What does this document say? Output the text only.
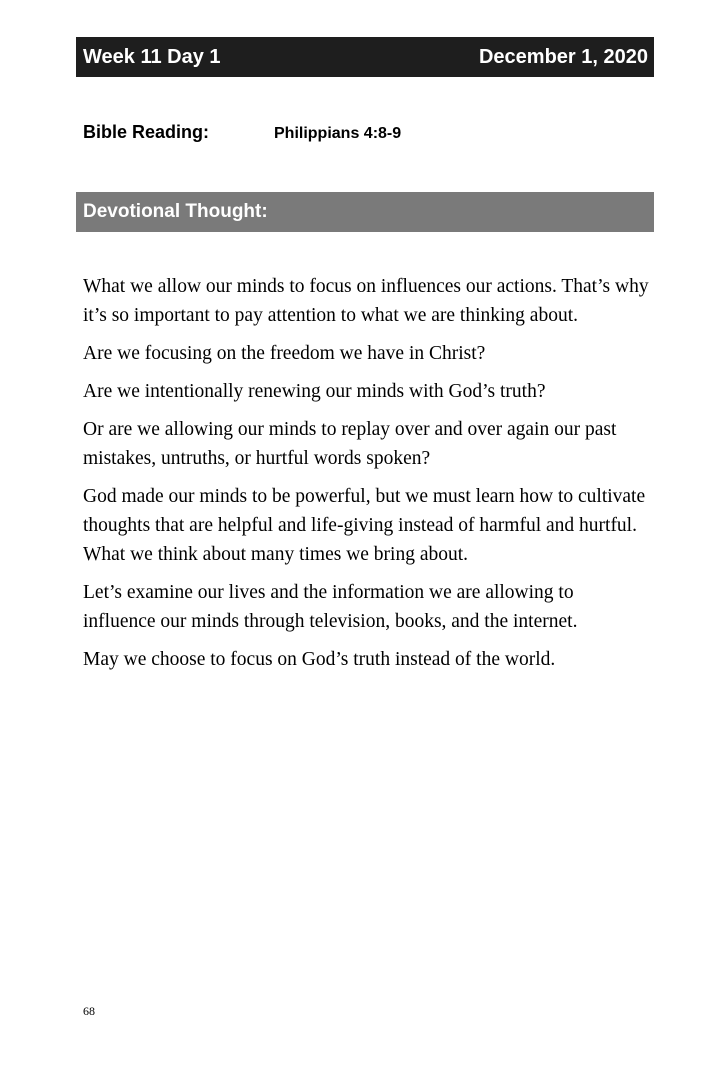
Week 11 Day 1	December 1, 2020
Bible Reading:	Philippians 4:8-9
Devotional Thought:

What we allow our minds to focus on influences our actions. That’s why it’s so important to pay attention to what we are thinking about.

Are we focusing on the freedom we have in Christ?

Are we intentionally renewing our minds with God’s truth?

Or are we allowing our minds to replay over and over again our past mistakes, untruths, or hurtful words spoken?

God made our minds to be powerful, but we must learn how to cultivate thoughts that are helpful and life-giving instead of harmful and hurtful. What we think about many times we bring about.

Let’s examine our lives and the information we are allowing to influence our minds through television, books, and the internet.

May we choose to focus on God’s truth instead of the world.

68
